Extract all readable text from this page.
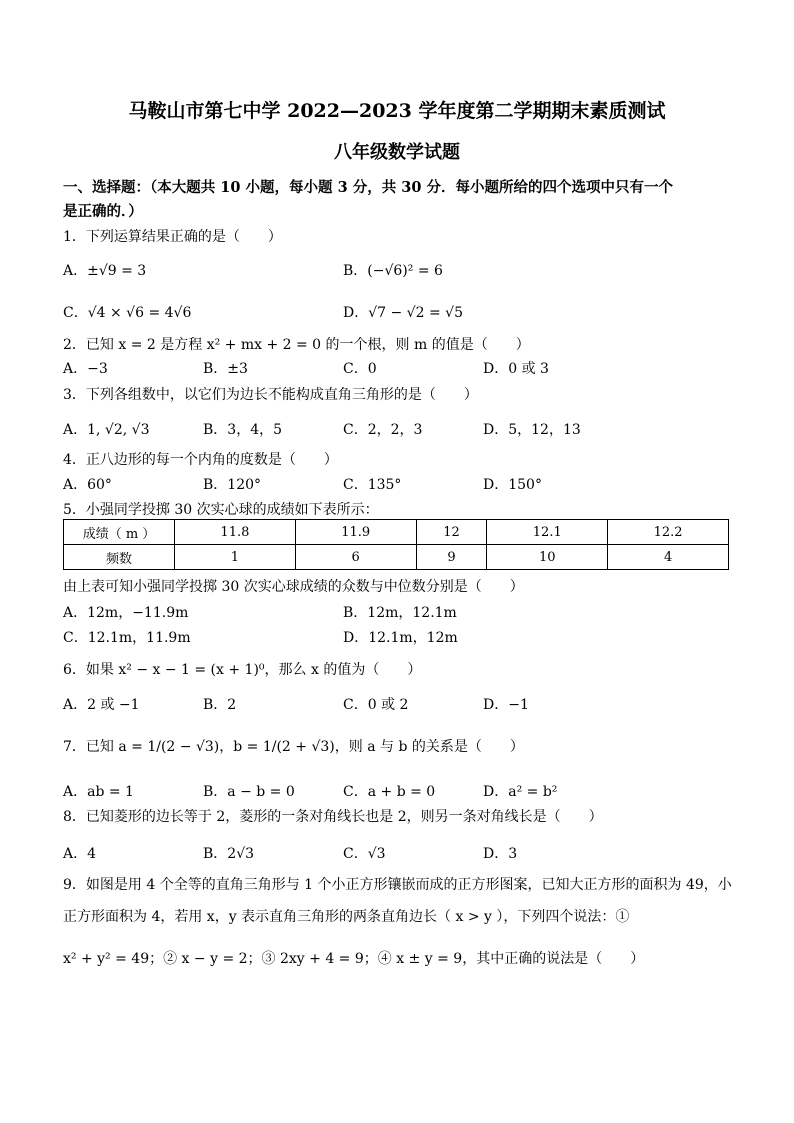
马鞍山市第七中学 2022—2023 学年度第二学期期末素质测试
八年级数学试题
一、选择题：（本大题共 10 小题，每小题 3 分，共 30 分．每小题所给的四个选项中只有一个
是正确的．）
1．下列运算结果正确的是（　　）
A．±√9 = 3	B．(−√6)² = 6
C．√4 × √6 = 4√6	D．√7 − √2 = √5
2．已知 x = 2 是方程 x² + mx + 2 = 0 的一个根，则 m 的值是（　　）
A．−3	B．±3	C．0	D．0 或 3
3．下列各组数中，以它们为边长不能构成直角三角形的是（　　）
A．1, √2, √3	B．3，4，5	C．2，2，3	D．5，12，13
4．正八边形的每一个内角的度数是（　　）
A．60°	B．120°	C．135°	D．150°
5．小强同学投掷 30 次实心球的成绩如下表所示：
成绩（ m ）	11.8	11.9	12	12.1	12.2
频数	1	6	9	10	4
由上表可知小强同学投掷 30 次实心球成绩的众数与中位数分别是（　　）
A．12m，−11.9m	B．12m，12.1m
C．12.1m，11.9m	D．12.1m，12m
6．如果 x² − x − 1 = (x + 1)⁰，那么 x 的值为（　　）
A．2 或 −1	B．2	C．0 或 2	D．−1
7．已知 a = 1/(2 − √3)，b = 1/(2 + √3)，则 a 与 b 的关系是（　　）
A．ab = 1	B．a − b = 0	C．a + b = 0	D．a² = b²
8．已知菱形的边长等于 2，菱形的一条对角线长也是 2，则另一条对角线长是（　　）
A．4	B．2√3	C．√3	D．3
9．如图是用 4 个全等的直角三角形与 1 个小正方形镶嵌而成的正方形图案，已知大正方形的面积为 49，小
正方形面积为 4，若用 x，y 表示直角三角形的两条直角边长（ x > y ），下列四个说法：①
x² + y² = 49；② x − y = 2；③ 2xy + 4 = 9；④ x ± y = 9，其中正确的说法是（　　）
